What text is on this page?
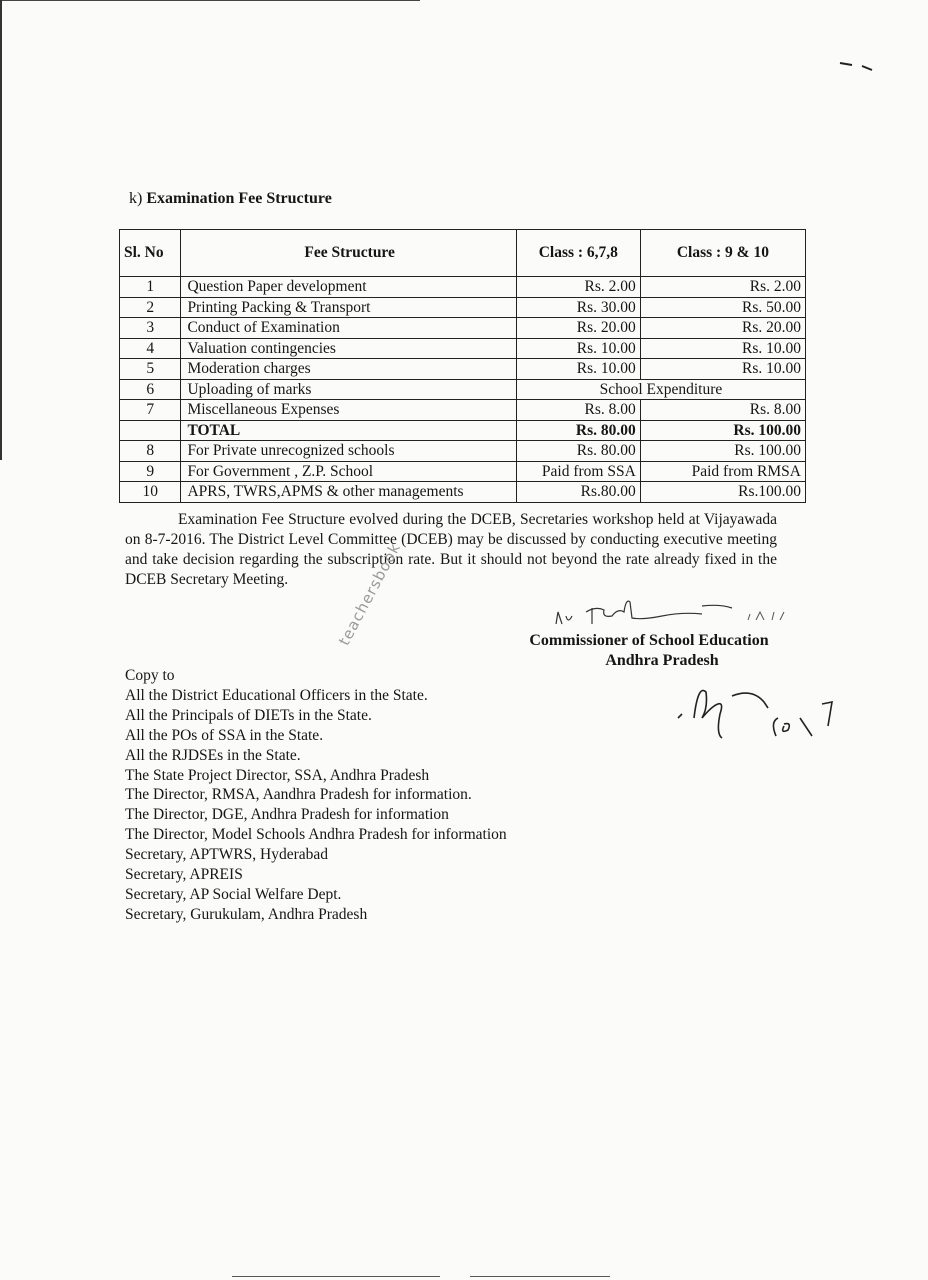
k) Examination Fee Structure
Sl. No	Fee Structure	Class : 6,7,8	Class : 9 & 10
1	Question Paper development	Rs. 2.00	Rs. 2.00
2	Printing Packing & Transport	Rs. 30.00	Rs. 50.00
3	Conduct of Examination	Rs. 20.00	Rs. 20.00
4	Valuation contingencies	Rs. 10.00	Rs. 10.00
5	Moderation charges	Rs. 10.00	Rs. 10.00
6	Uploading of marks	School Expenditure	
7	Miscellaneous Expenses	Rs. 8.00	Rs. 8.00
	TOTAL	Rs. 80.00	Rs. 100.00
8	For Private unrecognized schools	Rs. 80.00	Rs. 100.00
9	For Government , Z.P. School	Paid from SSA	Paid from RMSA
10	APRS, TWRS,APMS & other managements	Rs.80.00	Rs.100.00
Examination Fee Structure evolved during the DCEB, Secretaries workshop held at Vijayawada on 8-7-2016. The District Level Committee (DCEB) may be discussed by conducting executive meeting and take decision regarding the subscription rate. But it should not beyond the rate already fixed in the DCEB Secretary Meeting.
Commissioner of School Education
Andhra Pradesh
teachersbook
Copy to
All the District Educational Officers in the State.
All the Principals of DIETs in the State.
All the POs of SSA in the State.
All the RJDSEs in the State.
The State Project Director, SSA, Andhra Pradesh
The Director, RMSA, Aandhra Pradesh for information.
The Director, DGE, Andhra Pradesh for information
The Director, Model Schools Andhra Pradesh for information
Secretary, APTWRS, Hyderabad
Secretary, APREIS
Secretary, AP Social Welfare Dept.
Secretary, Gurukulam, Andhra Pradesh
